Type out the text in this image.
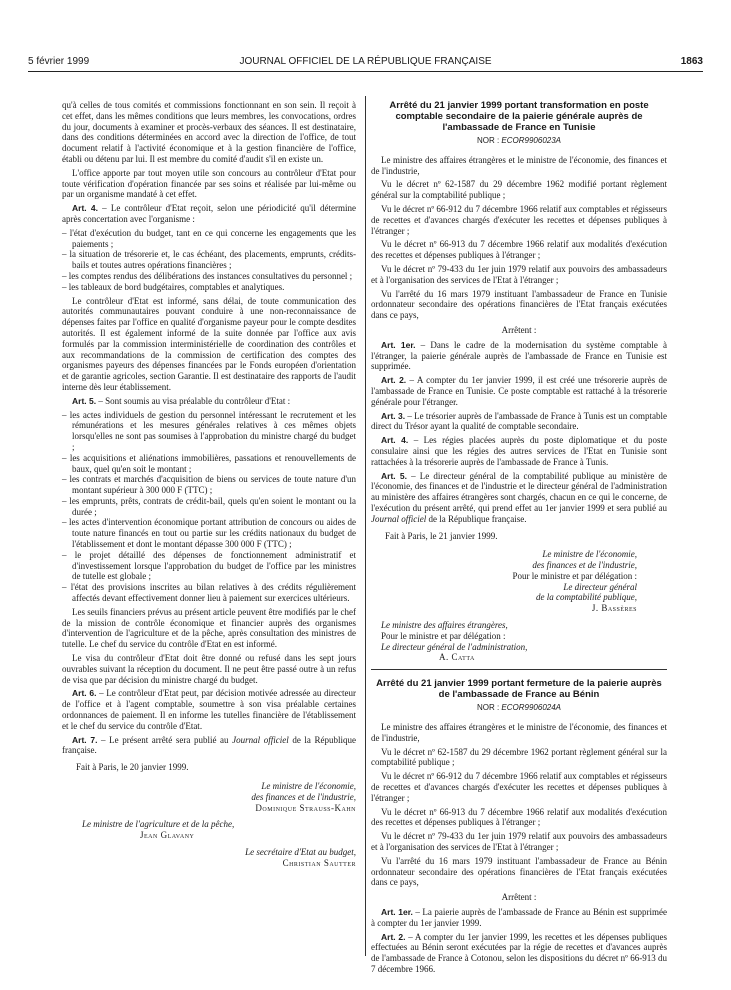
5 février 1999	JOURNAL OFFICIEL DE LA RÉPUBLIQUE FRANÇAISE	1863

qu'à celles de tous comités et commissions fonctionnant en son sein. Il reçoit à cet effet, dans les mêmes conditions que leurs membres, les convocations, ordres du jour, documents à examiner et procès-verbaux des séances. Il est destinataire, dans des conditions déterminées en accord avec la direction de l'office, de tout document relatif à l'activité économique et à la gestion financière de l'office, établi ou détenu par lui. Il est membre du comité d'audit s'il en existe un.

L'office apporte par tout moyen utile son concours au contrôleur d'Etat pour toute vérification d'opération financée par ses soins et réalisée par lui-même ou par un organisme mandaté à cet effet.

Art. 4. – Le contrôleur d'Etat reçoit, selon une périodicité qu'il détermine après concertation avec l'organisme :

– l'état d'exécution du budget, tant en ce qui concerne les engagements que les paiements ;
– la situation de trésorerie et, le cas échéant, des placements, emprunts, crédits-bails et toutes autres opérations financières ;
– les comptes rendus des délibérations des instances consultatives du personnel ;
– les tableaux de bord budgétaires, comptables et analytiques.

Le contrôleur d'Etat est informé, sans délai, de toute communication des autorités communautaires pouvant conduire à une non-reconnaissance de dépenses faites par l'office en qualité d'organisme payeur pour le compte desdites autorités. Il est également informé de la suite donnée par l'office aux avis formulés par la commission interministérielle de coordination des contrôles et aux recommandations de la commission de certification des comptes des organismes payeurs des dépenses financées par le Fonds européen d'orientation et de garantie agricoles, section Garantie. Il est destinataire des rapports de l'audit interne dès leur établissement.

Art. 5. – Sont soumis au visa préalable du contrôleur d'Etat :

– les actes individuels de gestion du personnel intéressant le recrutement et les rémunérations et les mesures générales relatives à ces mêmes objets lorsqu'elles ne sont pas soumises à l'approbation du ministre chargé du budget ;
– les acquisitions et aliénations immobilières, passations et renouvellements de baux, quel qu'en soit le montant ;
– les contrats et marchés d'acquisition de biens ou services de toute nature d'un montant supérieur à 300 000 F (TTC) ;
– les emprunts, prêts, contrats de crédit-bail, quels qu'en soient le montant ou la durée ;
– les actes d'intervention économique portant attribution de concours ou aides de toute nature financés en tout ou partie sur les crédits nationaux du budget de l'établissement et dont le montant dépasse 300 000 F (TTC) ;
– le projet détaillé des dépenses de fonctionnement administratif et d'investissement lorsque l'approbation du budget de l'office par les ministres de tutelle est globale ;
– l'état des provisions inscrites au bilan relatives à des crédits régulièrement affectés devant effectivement donner lieu à paiement sur exercices ultérieurs.

Les seuils financiers prévus au présent article peuvent être modifiés par le chef de la mission de contrôle économique et financier auprès des organismes d'intervention de l'agriculture et de la pêche, après consultation des ministres de tutelle. Le chef du service du contrôle d'Etat en est informé.

Le visa du contrôleur d'Etat doit être donné ou refusé dans les sept jours ouvrables suivant la réception du document. Il ne peut être passé outre à un refus de visa que par décision du ministre chargé du budget.

Art. 6. – Le contrôleur d'Etat peut, par décision motivée adressée au directeur de l'office et à l'agent comptable, soumettre à son visa préalable certaines ordonnances de paiement. Il en informe les tutelles financière de l'établissement et le chef du service du contrôle d'Etat.

Art. 7. – Le présent arrêté sera publié au Journal officiel de la République française.

Fait à Paris, le 20 janvier 1999.

Le ministre de l'économie,
des finances et de l'industrie,
Dominique Strauss-Kahn
Le ministre de l'agriculture et de la pêche,
Jean Glavany
Le secrétaire d'Etat au budget,
Christian Sautter
Arrêté du 21 janvier 1999 portant transformation en poste comptable secondaire de la paierie générale auprès de l'ambassade de France en Tunisie
NOR : ECOR9906023A

Le ministre des affaires étrangères et le ministre de l'économie, des finances et de l'industrie,

Vu le décret nº 62-1587 du 29 décembre 1962 modifié portant règlement général sur la comptabilité publique ;

Vu le décret nº 66-912 du 7 décembre 1966 relatif aux comptables et régisseurs de recettes et d'avances chargés d'exécuter les recettes et dépenses publiques à l'étranger ;

Vu le décret nº 66-913 du 7 décembre 1966 relatif aux modalités d'exécution des recettes et dépenses publiques à l'étranger ;

Vu le décret nº 79-433 du 1er juin 1979 relatif aux pouvoirs des ambassadeurs et à l'organisation des services de l'Etat à l'étranger ;

Vu l'arrêté du 16 mars 1979 instituant l'ambassadeur de France en Tunisie ordonnateur secondaire des opérations financières de l'Etat français exécutées dans ce pays,

Arrêtent :

Art. 1er. – Dans le cadre de la modernisation du système comptable à l'étranger, la paierie générale auprès de l'ambassade de France en Tunisie est supprimée.

Art. 2. – A compter du 1er janvier 1999, il est créé une trésorerie auprès de l'ambassade de France en Tunisie. Ce poste comptable est rattaché à la trésorerie générale pour l'étranger.

Art. 3. – Le trésorier auprès de l'ambassade de France à Tunis est un comptable direct du Trésor ayant la qualité de comptable secondaire.

Art. 4. – Les régies placées auprès du poste diplomatique et du poste consulaire ainsi que les régies des autres services de l'Etat en Tunisie sont rattachées à la trésorerie auprès de l'ambassade de France à Tunis.

Art. 5. – Le directeur général de la comptabilité publique au ministère de l'économie, des finances et de l'industrie et le directeur général de l'administration au ministère des affaires étrangères sont chargés, chacun en ce qui le concerne, de l'exécution du présent arrêté, qui prend effet au 1er janvier 1999 et sera publié au Journal officiel de la République française.

Fait à Paris, le 21 janvier 1999.

Le ministre de l'économie,
des finances et de l'industrie,
Pour le ministre et par délégation :
Le directeur général
de la comptabilité publique,
J. Bassères
Le ministre des affaires étrangères,
Pour le ministre et par délégation :
Le directeur général de l'administration,
A. Catta
Arrêté du 21 janvier 1999 portant fermeture de la paierie auprès de l'ambassade de France au Bénin
NOR : ECOR9906024A

Le ministre des affaires étrangères et le ministre de l'économie, des finances et de l'industrie,

Vu le décret nº 62-1587 du 29 décembre 1962 portant règlement général sur la comptabilité publique ;

Vu le décret nº 66-912 du 7 décembre 1966 relatif aux comptables et régisseurs de recettes et d'avances chargés d'exécuter les recettes et dépenses publiques à l'étranger ;

Vu le décret nº 66-913 du 7 décembre 1966 relatif aux modalités d'exécution des recettes et dépenses publiques à l'étranger ;

Vu le décret nº 79-433 du 1er juin 1979 relatif aux pouvoirs des ambassadeurs et à l'organisation des services de l'Etat à l'étranger ;

Vu l'arrêté du 16 mars 1979 instituant l'ambassadeur de France au Bénin ordonnateur secondaire des opérations financières de l'Etat français exécutées dans ce pays,

Arrêtent :

Art. 1er. – La paierie auprès de l'ambassade de France au Bénin est supprimée à compter du 1er janvier 1999.

Art. 2. – A compter du 1er janvier 1999, les recettes et les dépenses publiques effectuées au Bénin seront exécutées par la régie de recettes et d'avances auprès de l'ambassade de France à Cotonou, selon les dispositions du décret nº 66-913 du 7 décembre 1966.
